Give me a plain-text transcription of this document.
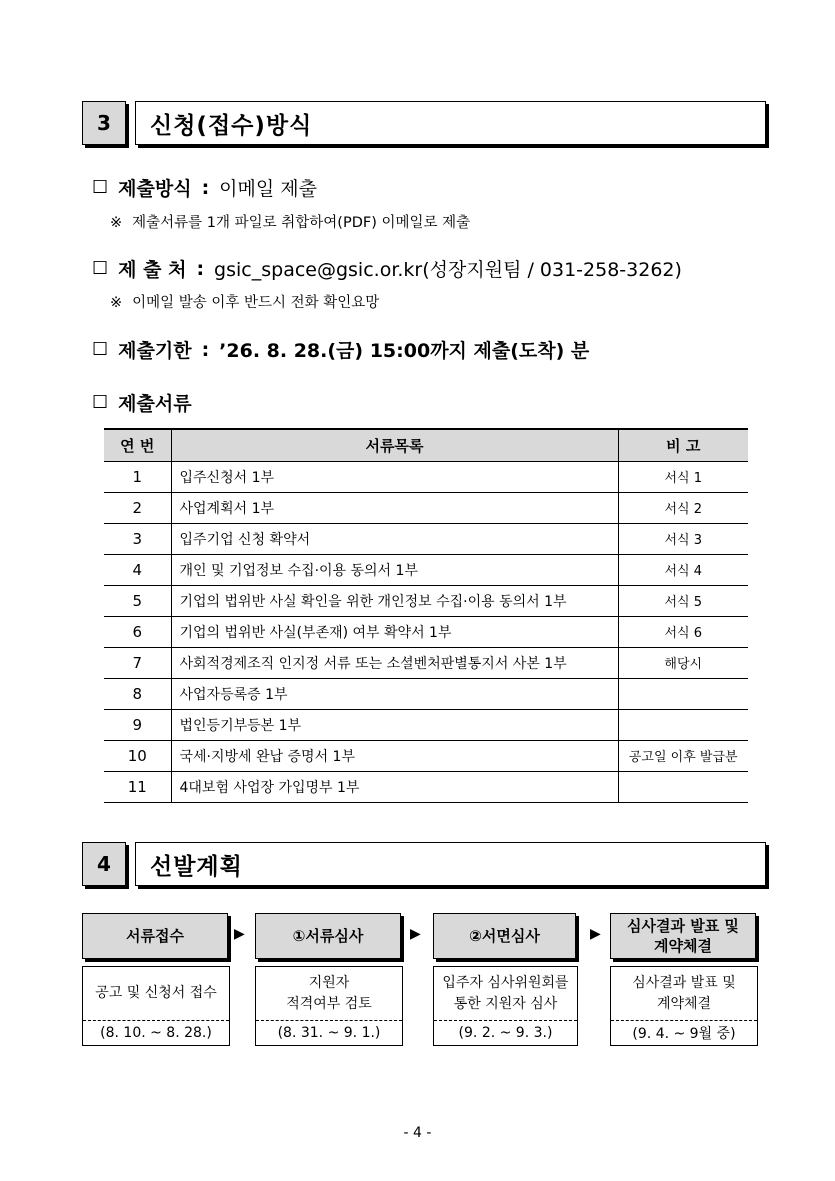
3	신청(접수)방식
☐ 제출방식 : 이메일 제출
※ 제출서류를 1개 파일로 취합하여(PDF) 이메일로 제출
☐ 제 출 처 : gsic_space@gsic.or.kr(성장지원팀 / 031-258-3262)
※ 이메일 발송 이후 반드시 전화 확인요망
☐ 제출기한 : ’26. 8. 28.(금) 15:00까지 제출(도착) 분
☐ 제출서류
연 번	서류목록	비 고
1	입주신청서 1부	서식 1
2	사업계획서 1부	서식 2
3	입주기업 신청 확약서	서식 3
4	개인 및 기업정보 수집·이용 동의서 1부	서식 4
5	기업의 법위반 사실 확인을 위한 개인정보 수집·이용 동의서 1부	서식 5
6	기업의 법위반 사실(부존재) 여부 확약서 1부	서식 6
7	사회적경제조직 인지정 서류 또는 소셜벤처판별통지서 사본 1부	해당시
8	사업자등록증 1부	
9	법인등기부등본 1부	
10	국세·지방세 완납 증명서 1부	공고일 이후 발급분
11	4대보험 사업장 가입명부 1부	
4	선발계획
서류접수	▶	①서류심사	▶	②서면심사	▶	심사결과 발표 및
계약체결
공고 및 신청서 접수
(8. 10. ~ 8. 28.)
지원자
적격여부 검토
(8. 31. ~ 9. 1.)
입주자 심사위원회를
통한 지원자 심사
(9. 2. ~ 9. 3.)
심사결과 발표 및
계약체결
(9. 4. ~ 9월 중)
- 4 -
